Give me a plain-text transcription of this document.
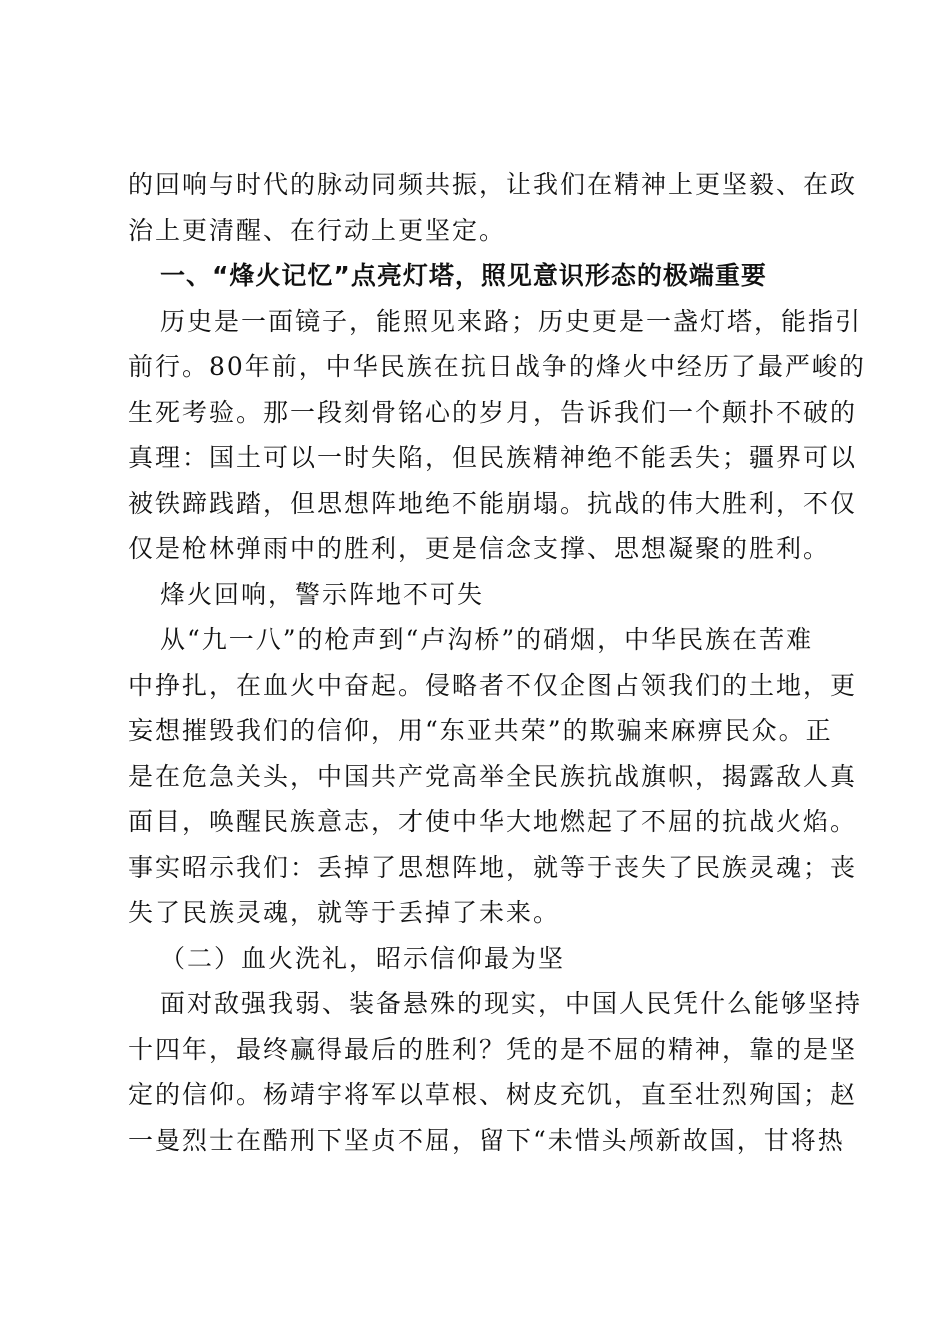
的回响与时代的脉动同频共振，让我们在精神上更坚毅、在政
治上更清醒、在行动上更坚定。
一、“烽火记忆”点亮灯塔，照见意识形态的极端重要
历史是一面镜子，能照见来路；历史更是一盏灯塔，能指引
前行。80年前，中华民族在抗日战争的烽火中经历了最严峻的
生死考验。那一段刻骨铭心的岁月，告诉我们一个颠扑不破的
真理：国土可以一时失陷，但民族精神绝不能丢失；疆界可以
被铁蹄践踏，但思想阵地绝不能崩塌。抗战的伟大胜利，不仅
仅是枪林弹雨中的胜利，更是信念支撑、思想凝聚的胜利。
烽火回响，警示阵地不可失
从“九一八”的枪声到“卢沟桥”的硝烟，中华民族在苦难
中挣扎，在血火中奋起。侵略者不仅企图占领我们的土地，更
妄想摧毁我们的信仰，用“东亚共荣”的欺骗来麻痹民众。正
是在危急关头，中国共产党高举全民族抗战旗帜，揭露敌人真
面目，唤醒民族意志，才使中华大地燃起了不屈的抗战火焰。
事实昭示我们：丢掉了思想阵地，就等于丧失了民族灵魂；丧
失了民族灵魂，就等于丢掉了未来。
（二）血火洗礼，昭示信仰最为坚
面对敌强我弱、装备悬殊的现实，中国人民凭什么能够坚持
十四年，最终赢得最后的胜利？凭的是不屈的精神，靠的是坚
定的信仰。杨靖宇将军以草根、树皮充饥，直至壮烈殉国；赵
一曼烈士在酷刑下坚贞不屈，留下“未惜头颅新故国，甘将热
